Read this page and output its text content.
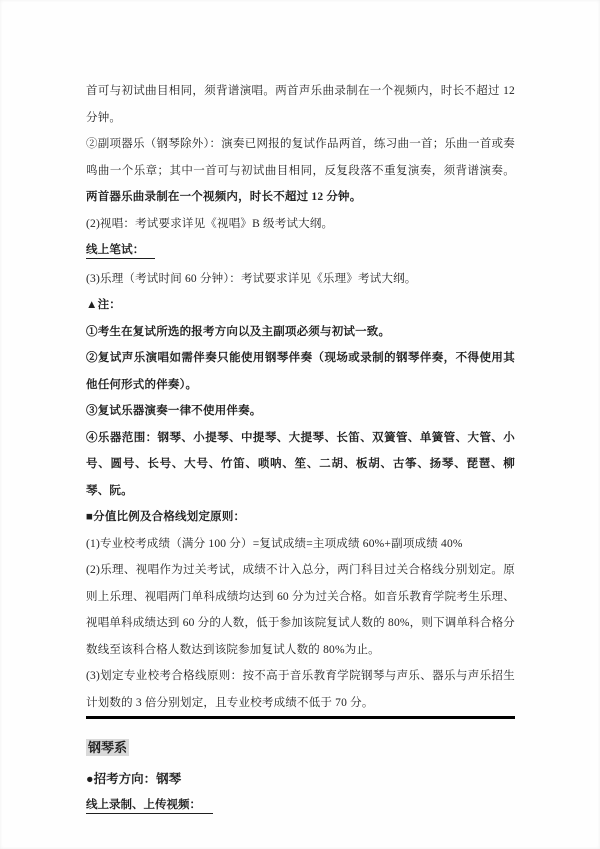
首可与初试曲目相同，须背谱演唱。两首声乐曲录制在一个视频内，时长不超过 12 分钟。

②副项器乐（钢琴除外）：演奏已网报的复试作品两首，练习曲一首；乐曲一首或奏鸣曲一个乐章；其中一首可与初试曲目相同，反复段落不重复演奏，须背谱演奏。两首器乐曲录制在一个视频内，时长不超过 12 分钟。

(2)视唱：考试要求详见《视唱》B 级考试大纲。

线上笔试：

(3)乐理（考试时间 60 分钟）：考试要求详见《乐理》考试大纲。

▲注：

①考生在复试所选的报考方向以及主副项必须与初试一致。

②复试声乐演唱如需伴奏只能使用钢琴伴奏（现场或录制的钢琴伴奏，不得使用其他任何形式的伴奏）。

③复试乐器演奏一律不使用伴奏。

④乐器范围：钢琴、小提琴、中提琴、大提琴、长笛、双簧管、单簧管、大管、小号、圆号、长号、大号、竹笛、唢呐、笙、二胡、板胡、古筝、扬琴、琵琶、柳琴、阮。

■分值比例及合格线划定原则：

(1)专业校考成绩（满分 100 分）=复试成绩=主项成绩 60%+副项成绩 40%

(2)乐理、视唱作为过关考试，成绩不计入总分，两门科目过关合格线分别划定。原则上乐理、视唱两门单科成绩均达到 60 分为过关合格。如音乐教育学院考生乐理、视唱单科成绩达到 60 分的人数，低于参加该院复试人数的 80%，则下调单科合格分数线至该科合格人数达到该院参加复试人数的 80%为止。

(3)划定专业校考合格线原则：按不高于音乐教育学院钢琴与声乐、器乐与声乐招生计划数的 3 倍分别划定，且专业校考成绩不低于 70 分。

钢琴系

●招考方向：钢琴

线上录制、上传视频：
